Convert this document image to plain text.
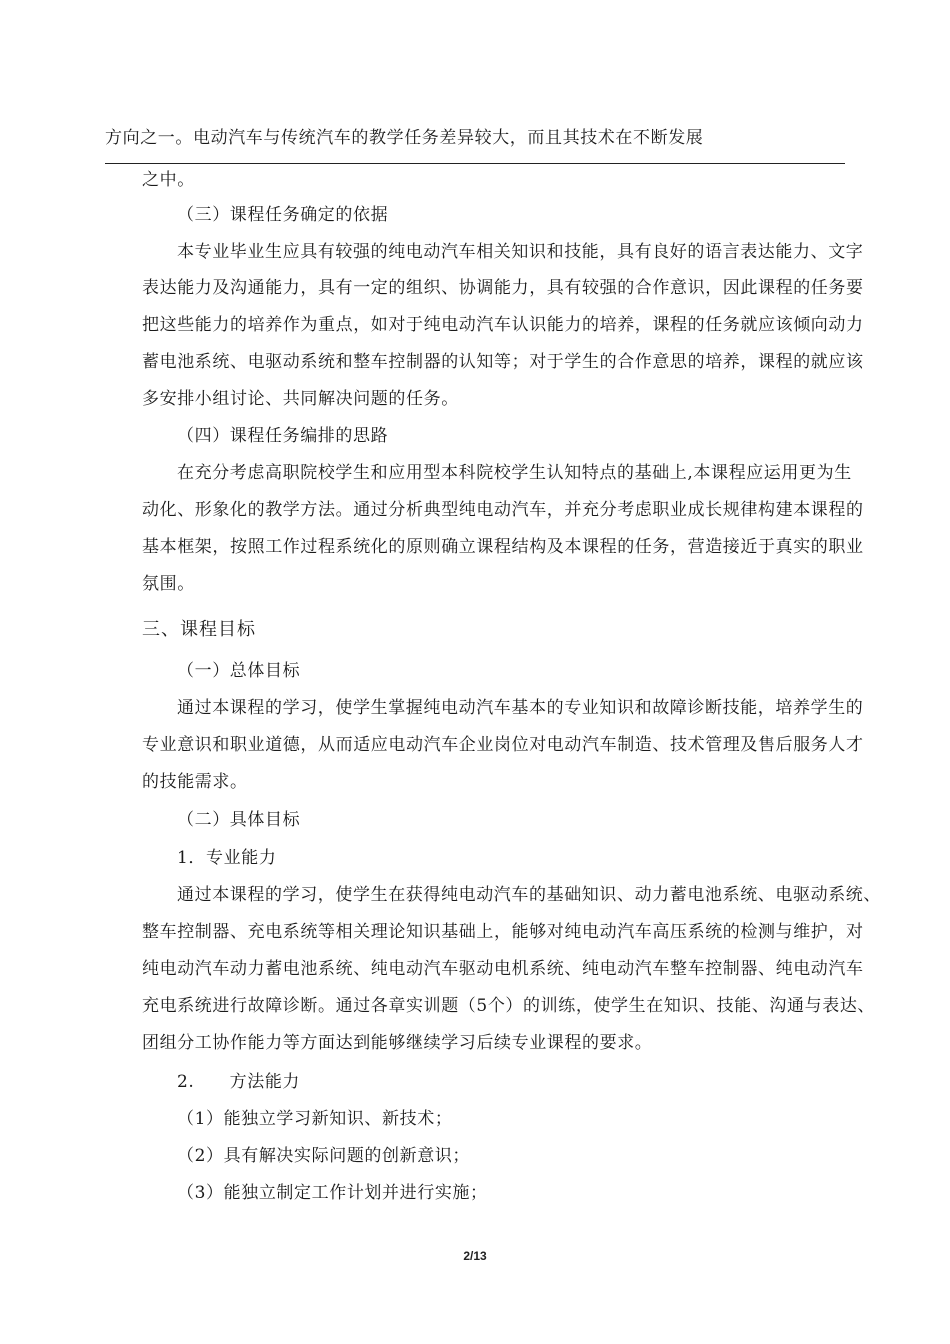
方向之一。电动汽车与传统汽车的教学任务差异较大，而且其技术在不断发展
之中。
（三）课程任务确定的依据
本专业毕业生应具有较强的纯电动汽车相关知识和技能，具有良好的语言表达能力、文字
表达能力及沟通能力，具有一定的组织、协调能力，具有较强的合作意识，因此课程的任务要
把这些能力的培养作为重点，如对于纯电动汽车认识能力的培养，课程的任务就应该倾向动力
蓄电池系统、电驱动系统和整车控制器的认知等；对于学生的合作意思的培养，课程的就应该
多安排小组讨论、共同解决问题的任务。
（四）课程任务编排的思路
在充分考虑高职院校学生和应用型本科院校学生认知特点的基础上,本课程应运用更为生
动化、形象化的教学方法。通过分析典型纯电动汽车，并充分考虑职业成长规律构建本课程的
基本框架，按照工作过程系统化的原则确立课程结构及本课程的任务，营造接近于真实的职业
氛围。
三、课程目标
（一）总体目标
通过本课程的学习，使学生掌握纯电动汽车基本的专业知识和故障诊断技能，培养学生的
专业意识和职业道德，从而适应电动汽车企业岗位对电动汽车制造、技术管理及售后服务人才
的技能需求。
（二）具体目标
1．专业能力
通过本课程的学习，使学生在获得纯电动汽车的基础知识、动力蓄电池系统、电驱动系统、
整车控制器、充电系统等相关理论知识基础上，能够对纯电动汽车高压系统的检测与维护，对
纯电动汽车动力蓄电池系统、纯电动汽车驱动电机系统、纯电动汽车整车控制器、纯电动汽车
充电系统进行故障诊断。通过各章实训题（5个）的训练，使学生在知识、技能、沟通与表达、
团组分工协作能力等方面达到能够继续学习后续专业课程的要求。
2.　　方法能力
（1）能独立学习新知识、新技术；
（2）具有解决实际问题的创新意识；
（3）能独立制定工作计划并进行实施；
2/13
